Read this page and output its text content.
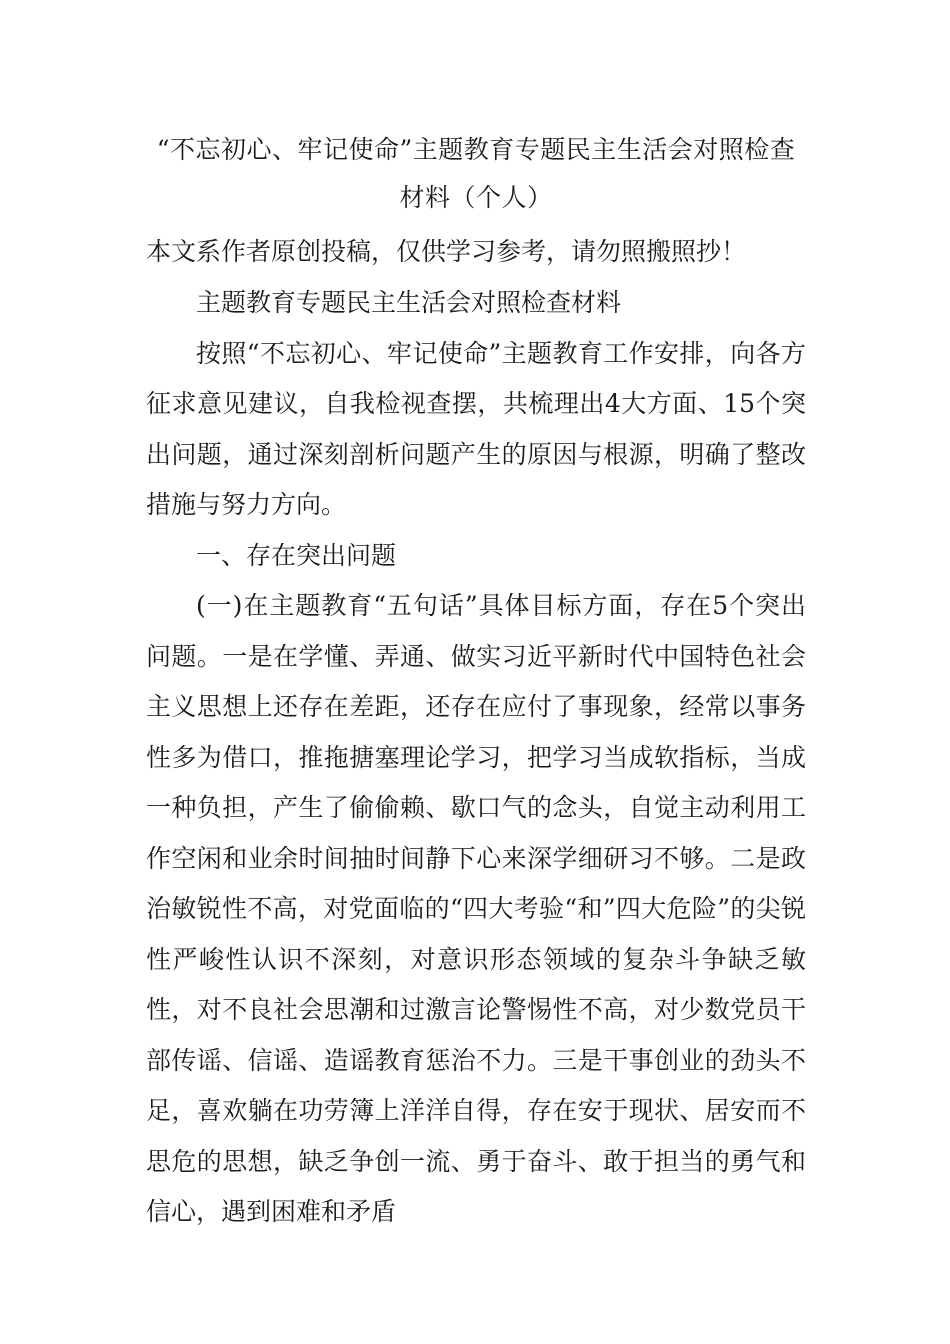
“不忘初心、牢记使命”主题教育专题民主生活会对照检查材料（个人）

本文系作者原创投稿，仅供学习参考，请勿照搬照抄！

主题教育专题民主生活会对照检查材料

按照“不忘初心、牢记使命”主题教育工作安排，向各方征求意见建议，自我检视查摆，共梳理出4大方面、15个突出问题，通过深刻剖析问题产生的原因与根源，明确了整改措施与努力方向。

一、存在突出问题

(一)在主题教育“五句话”具体目标方面，存在5个突出问题。一是在学懂、弄通、做实习近平新时代中国特色社会主义思想上还存在差距，还存在应付了事现象，经常以事务性多为借口，推拖搪塞理论学习，把学习当成软指标，当成一种负担，产生了偷偷赖、歇口气的念头，自觉主动利用工作空闲和业余时间抽时间静下心来深学细研习不够。二是政治敏锐性不高，对党面临的“四大考验“和”四大危险”的尖锐性严峻性认识不深刻，对意识形态领域的复杂斗争缺乏敏性，对不良社会思潮和过激言论警惕性不高，对少数党员干部传谣、信谣、造谣教育惩治不力。三是干事创业的劲头不足，喜欢躺在功劳簿上洋洋自得，存在安于现状、居安而不思危的思想，缺乏争创一流、勇于奋斗、敢于担当的勇气和信心，遇到困难和矛盾
